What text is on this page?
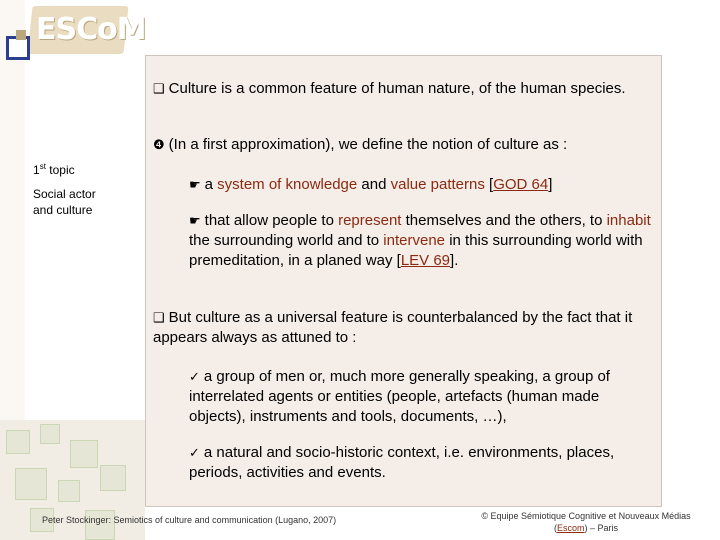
ESCoM
1st topic
Social actor
and culture
❑ Culture is a common feature of human nature, of the human species.
❹ (In a first approximation), we define the notion of culture as :
☛ a system of knowledge and value patterns [GOD 64]
☛ that allow people to represent themselves and the others, to inhabit the surrounding world and to intervene in this surrounding world with premeditation, in a planed way [LEV 69].
❑ But culture as a universal feature is counterbalanced by the fact that it appears always as attuned to :
✓ a group of men or, much more generally speaking, a group of interrelated agents or entities (people, artefacts (human made objects), instruments and tools, documents, …),
✓ a natural and socio-historic context, i.e. environments, places, periods, activities and events.
Peter Stockinger: Semiotics of culture and communication (Lugano, 2007)	© Equipe Sémiotique Cognitive et Nouveaux Médias
(Escom) – Paris
